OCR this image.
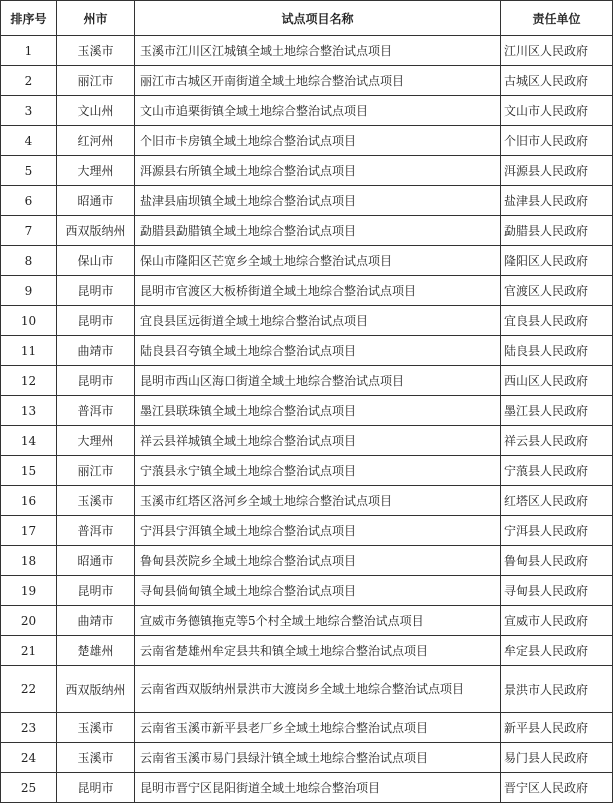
排序号	州市	试点项目名称	责任单位
1	玉溪市	玉溪市江川区江城镇全域土地综合整治试点项目	江川区人民政府
2	丽江市	丽江市古城区开南街道全域土地综合整治试点项目	古城区人民政府
3	文山州	文山市追栗街镇全域土地综合整治试点项目	文山市人民政府
4	红河州	个旧市卡房镇全域土地综合整治试点项目	个旧市人民政府
5	大理州	洱源县右所镇全域土地综合整治试点项目	洱源县人民政府
6	昭通市	盐津县庙坝镇全域土地综合整治试点项目	盐津县人民政府
7	西双版纳州	勐腊县勐腊镇全域土地综合整治试点项目	勐腊县人民政府
8	保山市	保山市隆阳区芒宽乡全域土地综合整治试点项目	隆阳区人民政府
9	昆明市	昆明市官渡区大板桥街道全域土地综合整治试点项目	官渡区人民政府
10	昆明市	宜良县匡远街道全域土地综合整治试点项目	宜良县人民政府
11	曲靖市	陆良县召夸镇全域土地综合整治试点项目	陆良县人民政府
12	昆明市	昆明市西山区海口街道全域土地综合整治试点项目	西山区人民政府
13	普洱市	墨江县联珠镇全域土地综合整治试点项目	墨江县人民政府
14	大理州	祥云县祥城镇全域土地综合整治试点项目	祥云县人民政府
15	丽江市	宁蒗县永宁镇全域土地综合整治试点项目	宁蒗县人民政府
16	玉溪市	玉溪市红塔区洛河乡全域土地综合整治试点项目	红塔区人民政府
17	普洱市	宁洱县宁洱镇全域土地综合整治试点项目	宁洱县人民政府
18	昭通市	鲁甸县茨院乡全域土地综合整治试点项目	鲁甸县人民政府
19	昆明市	寻甸县倘甸镇全域土地综合整治试点项目	寻甸县人民政府
20	曲靖市	宣威市务德镇拖克等5个村全域土地综合整治试点项目	宣威市人民政府
21	楚雄州	云南省楚雄州牟定县共和镇全域土地综合整治试点项目	牟定县人民政府
22	西双版纳州	云南省西双版纳州景洪市大渡岗乡全域土地综合整治试点项目	景洪市人民政府
23	玉溪市	云南省玉溪市新平县老厂乡全域土地综合整治试点项目	新平县人民政府
24	玉溪市	云南省玉溪市易门县绿汁镇全域土地综合整治试点项目	易门县人民政府
25	昆明市	昆明市晋宁区昆阳街道全域土地综合整治项目	晋宁区人民政府
